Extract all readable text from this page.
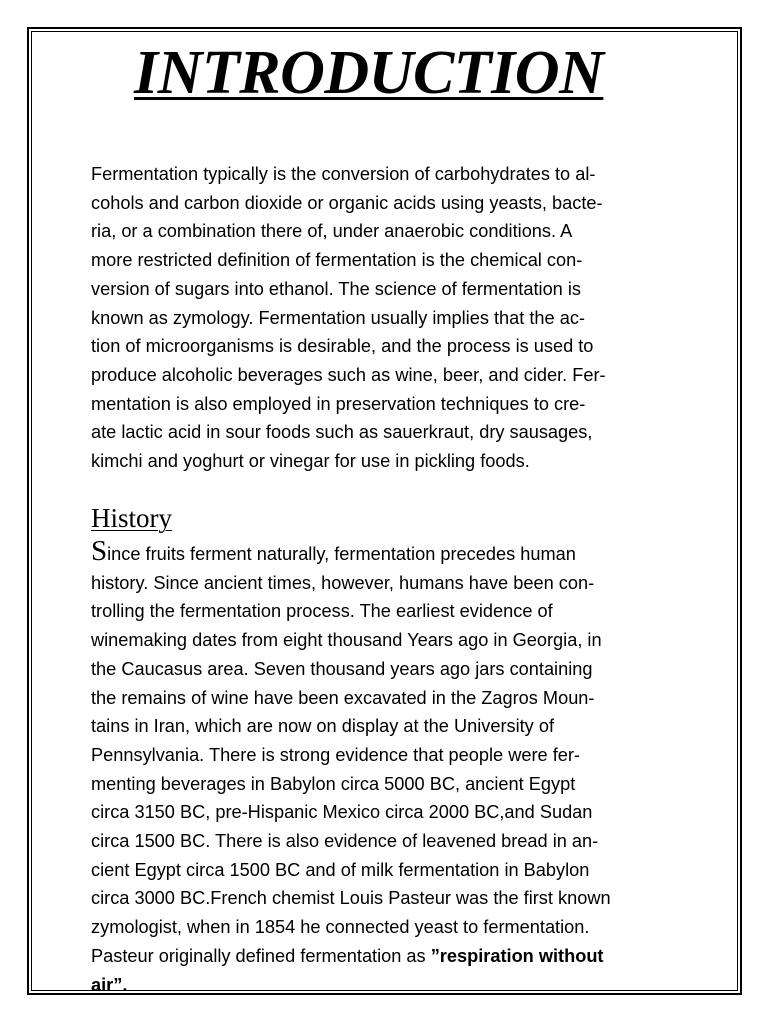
INTRODUCTION
Fermentation typically is the conversion of carbohydrates to al-
cohols and carbon dioxide or organic acids using yeasts, bacte-
ria, or a combination there of, under anaerobic conditions. A
more restricted definition of fermentation is the chemical con-
version of sugars into ethanol. The science of fermentation is
known as zymology. Fermentation usually implies that the ac-
tion of microorganisms is desirable, and the process is used to
produce alcoholic beverages such as wine, beer, and cider. Fer-
mentation is also employed in preservation techniques to cre-
ate lactic acid in sour foods such as sauerkraut, dry sausages,
kimchi and yoghurt or vinegar for use in pickling foods.
History
Since fruits ferment naturally, fermentation precedes human
history. Since ancient times, however, humans have been con-
trolling the fermentation process. The earliest evidence of
winemaking dates from eight thousand Years ago in Georgia, in
the Caucasus area. Seven thousand years ago jars containing
the remains of wine have been excavated in the Zagros Moun-
tains in Iran, which are now on display at the University of
Pennsylvania. There is strong evidence that people were fer-
menting beverages in Babylon circa 5000 BC, ancient Egypt
circa 3150 BC, pre-Hispanic Mexico circa 2000 BC,and Sudan
circa 1500 BC. There is also evidence of leavened bread in an-
cient Egypt circa 1500 BC and of milk fermentation in Babylon
circa 3000 BC.French chemist Louis Pasteur was the first known
zymologist, when in 1854 he connected yeast to fermentation.
Pasteur originally defined fermentation as ”respiration without
air”.
